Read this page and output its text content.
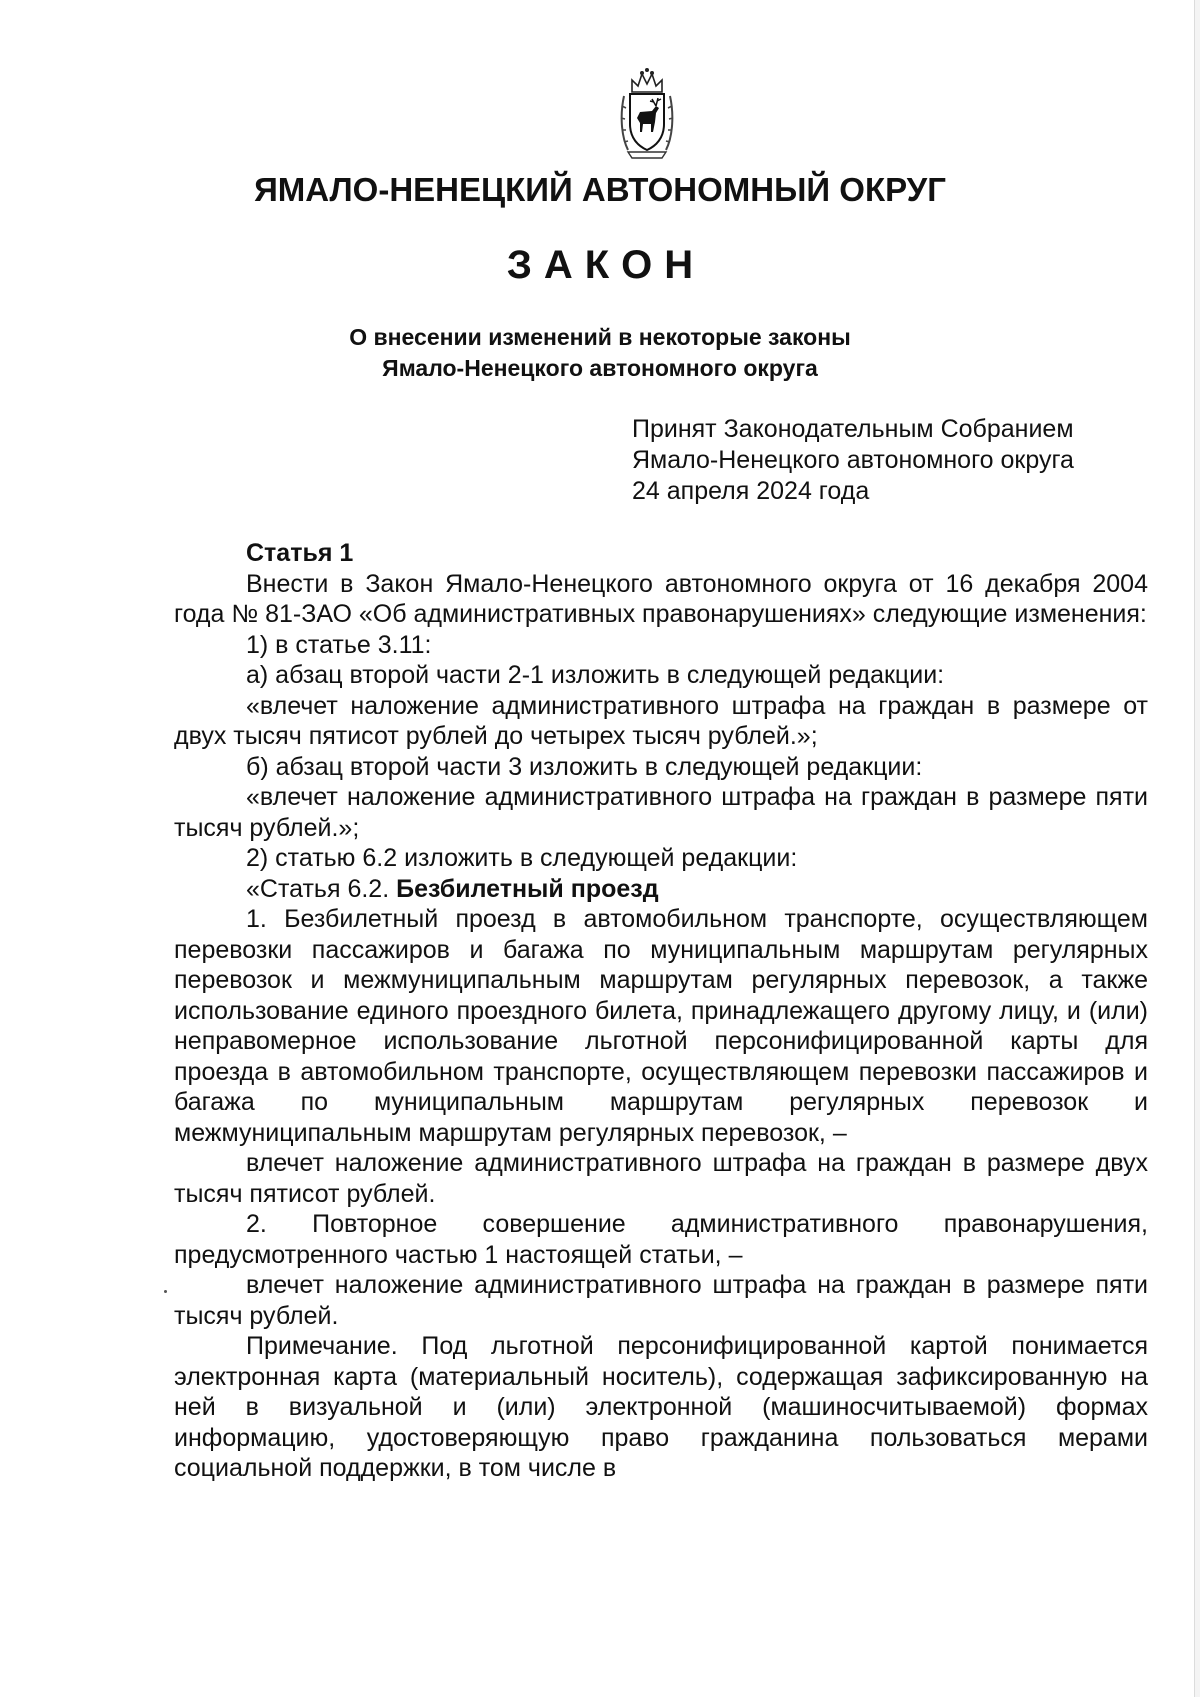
ЯМАЛО-НЕНЕЦКИЙ АВТОНОМНЫЙ ОКРУГ
ЗАКОН
О внесении изменений в некоторые законы
Ямало-Ненецкого автономного округа
Принят Законодательным Собранием
Ямало-Ненецкого автономного округа
24 апреля 2024 года

Статья 1

Внести в Закон Ямало-Ненецкого автономного округа от 16 декабря 2004 года № 81-ЗАО «Об административных правонарушениях» следующие изменения:

1) в статье 3.11:

а) абзац второй части 2-1 изложить в следующей редакции:

«влечет наложение административного штрафа на граждан в размере от двух тысяч пятисот рублей до четырех тысяч рублей.»;

б) абзац второй части 3 изложить в следующей редакции:

«влечет наложение административного штрафа на граждан в размере пяти тысяч рублей.»;

2) статью 6.2 изложить в следующей редакции:

«Статья 6.2. Безбилетный проезд

1. Безбилетный проезд в автомобильном транспорте, осуществляющем перевозки пассажиров и багажа по муниципальным маршрутам регулярных перевозок и межмуниципальным маршрутам регулярных перевозок, а также использование единого проездного билета, принадлежащего другому лицу, и (или) неправомерное использование льготной персонифицированной карты для проезда в автомобильном транспорте, осуществляющем перевозки пассажиров и багажа по муниципальным маршрутам регулярных перевозок и межмуниципальным маршрутам регулярных перевозок, –

влечет наложение административного штрафа на граждан в размере двух тысяч пятисот рублей.

2. Повторное совершение административного правонарушения, предусмотренного частью 1 настоящей статьи, –

влечет наложение административного штрафа на граждан в размере пяти тысяч рублей.

Примечание. Под льготной персонифицированной картой понимается электронная карта (материальный носитель), содержащая зафиксированную на ней в визуальной и (или) электронной (машиносчитываемой) формах информацию, удостоверяющую право гражданина пользоваться мерами социальной поддержки, в том числе в
